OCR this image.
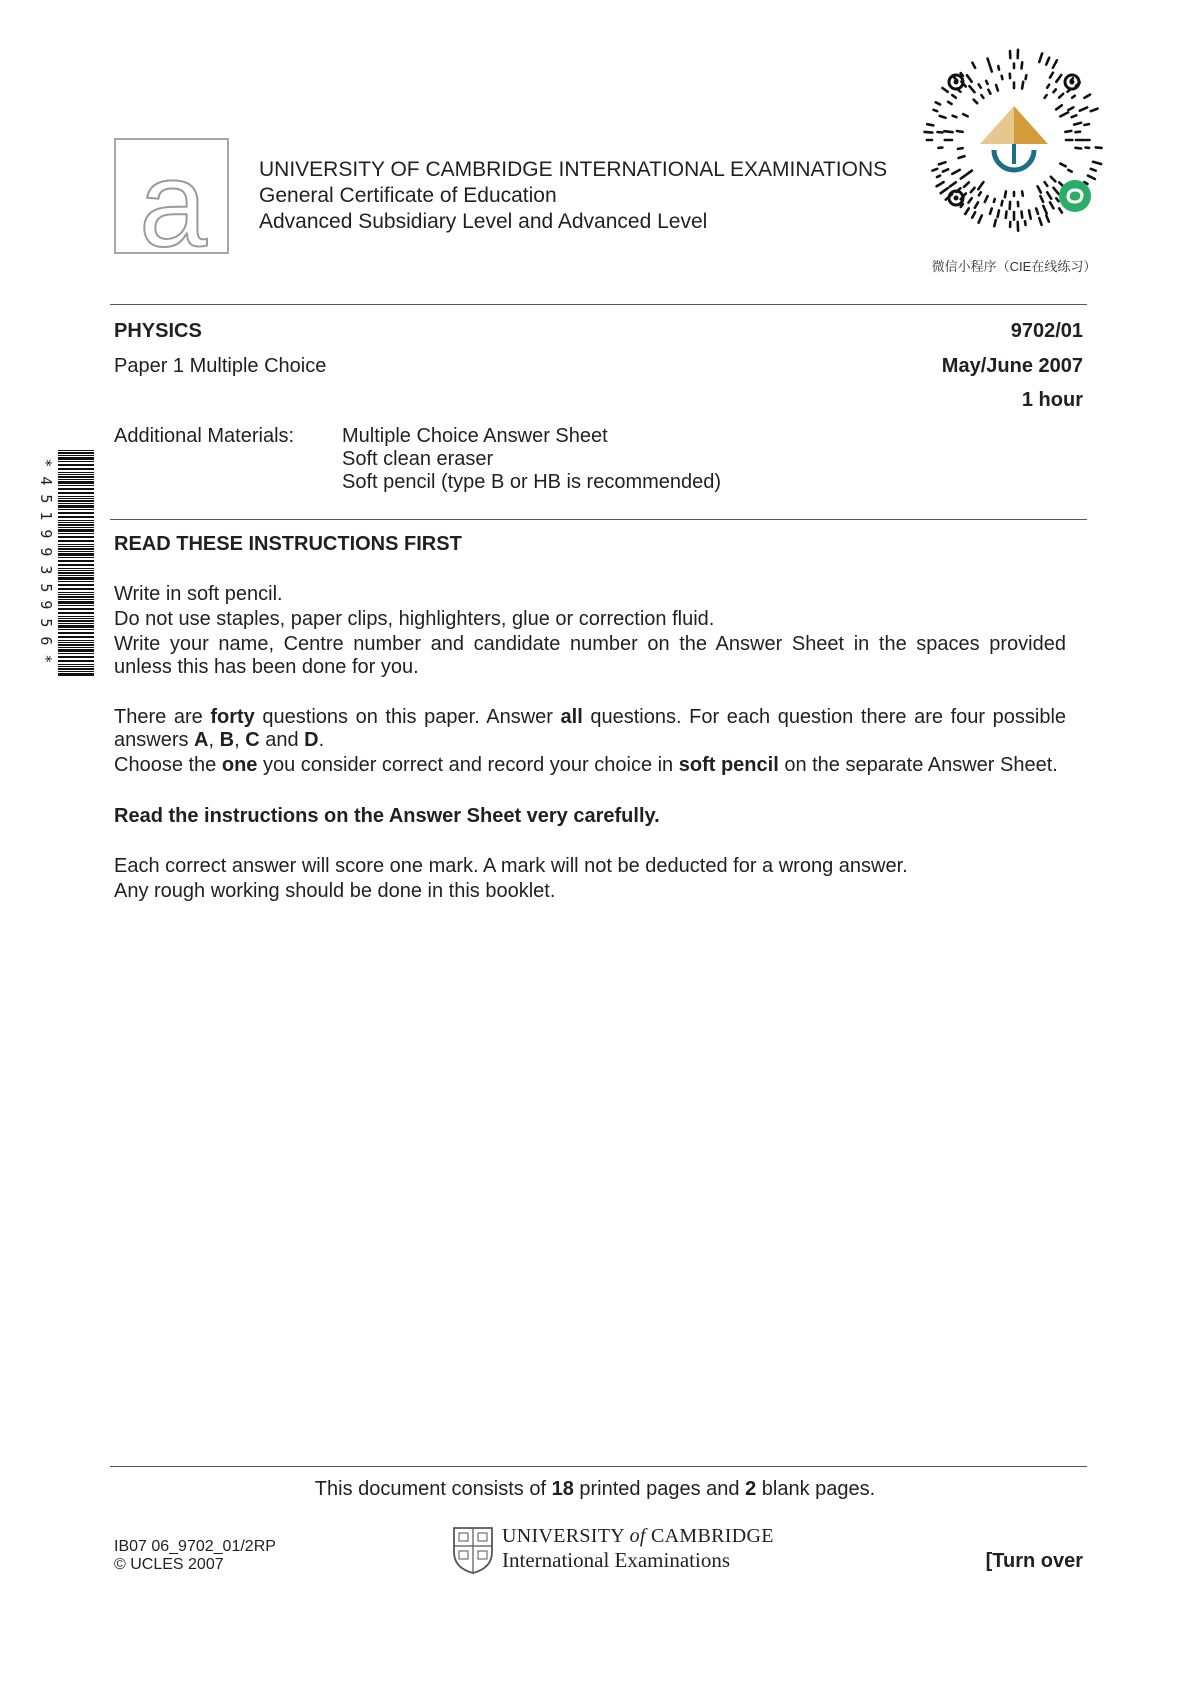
a UNIVERSITY OF CAMBRIDGE INTERNATIONAL EXAMINATIONS
General Certificate of Education
Advanced Subsidiary Level and Advanced Level
微信小程序（CIE在线练习）
PHYSICS	9702/01
Paper 1 Multiple Choice	May/June 2007
1 hour
Additional Materials: Multiple Choice Answer Sheet
Soft clean eraser
Soft pencil (type B or HB is recommended)
*
4
5
1
9
9
3
5
9
5
6
*
READ THESE INSTRUCTIONS FIRST
Write in soft pencil.
Do not use staples, paper clips, highlighters, glue or correction fluid.
Write your name, Centre number and candidate number on the Answer Sheet in the spaces provided unless this has been done for you.
There are forty questions on this paper. Answer all questions. For each question there are four possible answers A, B, C and D.
Choose the one you consider correct and record your choice in soft pencil on the separate Answer Sheet.
Read the instructions on the Answer Sheet very carefully.
Each correct answer will score one mark. A mark will not be deducted for a wrong answer.
Any rough working should be done in this booklet.
This document consists of 18 printed pages and 2 blank pages.
IB07 06_9702_01/2RP
© UCLES 2007
UNIVERSITY of CAMBRIDGE
International Examinations	[Turn over
